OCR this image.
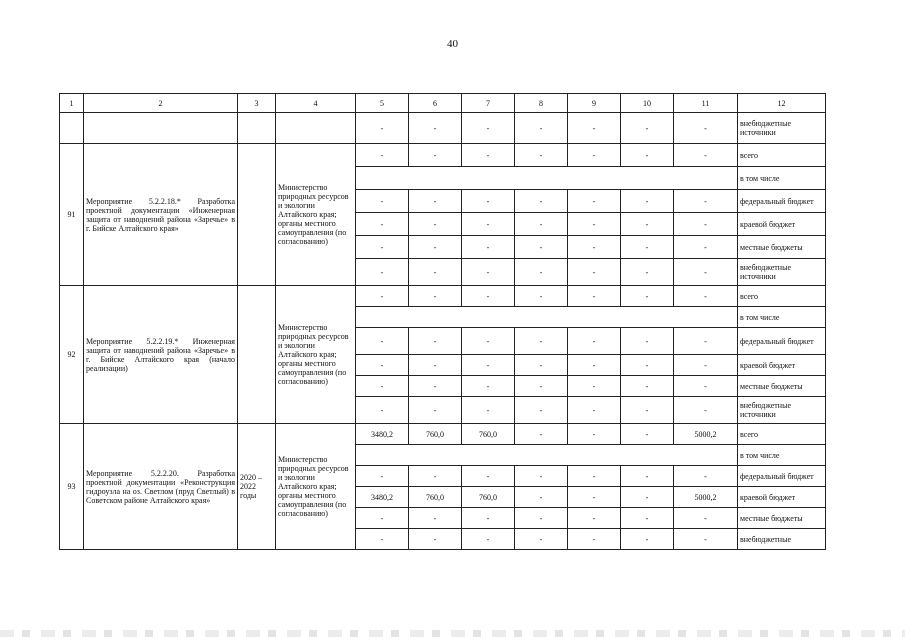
40
1	2	3	4	5	6	7	8	9	10	11	12
				-	-	-	-	-	-	-	внебюджетные источники
91	Мероприятие 5.2.2.18.* Разработка проектной документации «Инженерная защита от наводнений района «Заречье» в г. Бийске Алтайского края»		Министерство природных ресурсов и экологии Алтайского края; органы местного самоуправления (по согласованию)	-	-	-	-	-	-	-	всего
											в том числе
				-	-	-	-	-	-	-	федеральный бюджет
				-	-	-	-	-	-	-	краевой бюджет
				-	-	-	-	-	-	-	местные бюджеты
				-	-	-	-	-	-	-	внебюджетные источники
92	Мероприятие 5.2.2.19.* Инженерная защита от наводнений района «Заречье» в г. Бийске Алтайского края (начало реализации)		Министерство природных ресурсов и экологии Алтайского края; органы местного самоуправления (по согласованию)	-	-	-	-	-	-	-	всего
											в том числе
				-	-	-	-	-	-	-	федеральный бюджет
				-	-	-	-	-	-	-	краевой бюджет
				-	-	-	-	-	-	-	местные бюджеты
				-	-	-	-	-	-	-	внебюджетные источники
93	Мероприятие 5.2.2.20. Разработка проектной документации «Реконструкция гидроузла на оз. Светлом (пруд Светлый) в Советском районе Алтайского края»	2020 – 2022 годы	Министерство природных ресурсов и экологии Алтайского края; органы местного самоуправления (по согласованию)	3480,2	760,0	760,0	-	-	-	5000,2	всего
											в том числе
				-	-	-	-	-	-	-	федеральный бюджет
				3480,2	760,0	760,0	-	-	-	5000,2	краевой бюджет
				-	-	-	-	-	-	-	местные бюджеты
				-	-	-	-	-	-	-	внебюджетные
